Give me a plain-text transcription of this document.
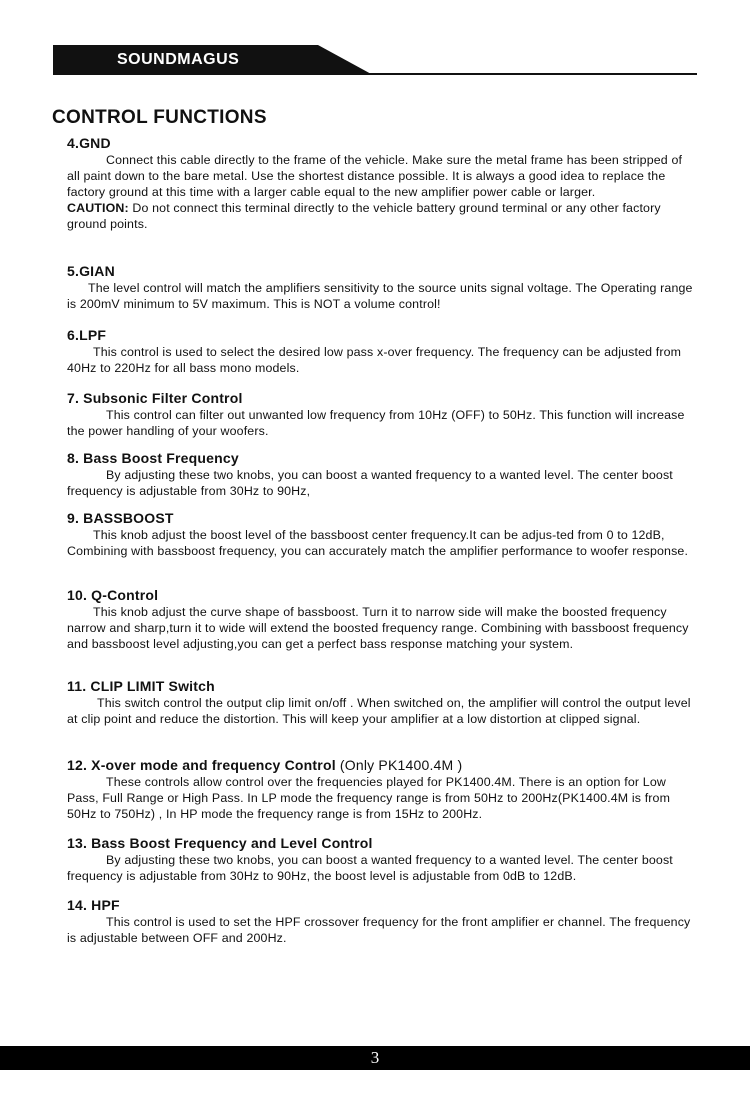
SOUNDMAGUS
CONTROL FUNCTIONS
4.GND

Connect this cable directly to the frame of the vehicle. Make sure the metal frame has been stripped of all paint down to the bare metal. Use the shortest distance possible. It is always a good idea to replace the factory ground at this time with a larger cable equal to the new amplifier power cable or larger.

CAUTION: Do not connect this terminal directly to the vehicle battery ground terminal or any other factory ground points.

5.GIAN

The level control will match the amplifiers sensitivity to the source units signal voltage. The Operating range is 200mV minimum to 5V maximum. This is NOT a volume control!

6.LPF

This control is used to select the desired low pass x-over frequency. The frequency can be adjusted from 40Hz to 220Hz for all bass mono models.

7. Subsonic Filter Control

This control can filter out unwanted low frequency from 10Hz (OFF) to 50Hz. This function will increase the power handling of your woofers.

8. Bass Boost Frequency

By adjusting these two knobs, you can boost a wanted frequency to a wanted level. The center boost frequency is adjustable from 30Hz to 90Hz,

9. BASSBOOST

This knob adjust the boost level of the bassboost center frequency.It can be adjus-ted from 0 to 12dB, Combining with bassboost frequency, you can accurately match the amplifier performance to woofer response.

10. Q-Control

This knob adjust the curve shape of bassboost. Turn it to narrow side will make the boosted frequency narrow and sharp,turn it to wide will extend the boosted frequency range. Combining with bassboost frequency and bassboost level adjusting,you can get a perfect bass response matching your system.

11. CLIP LIMIT Switch

This switch control the output clip limit on/off . When switched on, the amplifier will control the output level at clip point and reduce the distortion. This will keep your amplifier at a low distortion at clipped signal.

12. X-over mode and frequency Control (Only PK1400.4M )

These controls allow control over the frequencies played for PK1400.4M. There is an option for Low Pass, Full Range or High Pass. In LP mode the frequency range is from 50Hz to 200Hz(PK1400.4M is from 50Hz to 750Hz) , In HP mode the frequency range is from 15Hz to 200Hz.

13. Bass Boost Frequency and Level Control

By adjusting these two knobs, you can boost a wanted frequency to a wanted level. The center boost frequency is adjustable from 30Hz to 90Hz, the boost level is adjustable from 0dB to 12dB.

14. HPF

This control is used to set the HPF crossover frequency for the front amplifier er channel. The frequency is adjustable between OFF and 200Hz.

3
